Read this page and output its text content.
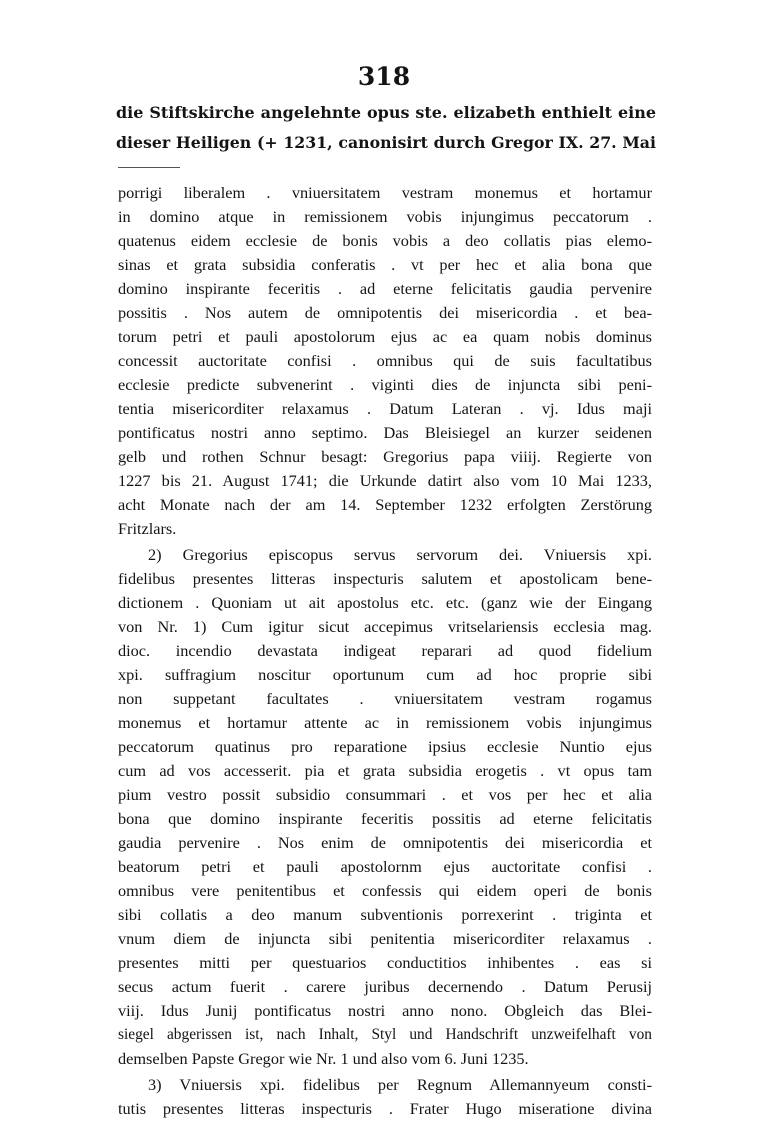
318
die Stiftskirche angelehnte opus ste. elizabeth enthielt eine
dieser Heiligen (+ 1231, canonisirt durch Gregor IX. 27. Mai
porrigi liberalem . vniuersitatem vestram monemus et hortamur
in domino atque in remissionem vobis injungimus peccatorum .
quatenus eidem ecclesie de bonis vobis a deo collatis pias elemo-
sinas et grata subsidia conferatis . vt per hec et alia bona que
domino inspirante feceritis . ad eterne felicitatis gaudia pervenire
possitis . Nos autem de omnipotentis dei misericordia . et bea-
torum petri et pauli apostolorum ejus ac ea quam nobis dominus
concessit auctoritate confisi . omnibus qui de suis facultatibus
ecclesie predicte subvenerint . viginti dies de injuncta sibi peni-
tentia misericorditer relaxamus . Datum Lateran . vj. Idus maji
pontificatus nostri anno septimo. Das Bleisiegel an kurzer seidenen
gelb und rothen Schnur besagt: Gregorius papa viiij. Regierte von
1227 bis 21. August 1741; die Urkunde datirt also vom 10 Mai 1233,
acht Monate nach der am 14. September 1232 erfolgten Zerstörung
Fritzlars.
2) Gregorius episcopus servus servorum dei. Vniuersis xpi.
fidelibus presentes litteras inspecturis salutem et apostolicam bene-
dictionem . Quoniam ut ait apostolus etc. etc. (ganz wie der Eingang
von Nr. 1) Cum igitur sicut accepimus vritselariensis ecclesia mag.
dioc. incendio devastata indigeat reparari ad quod fidelium
xpi. suffragium noscitur oportunum cum ad hoc proprie sibi
non suppetant facultates . vniuersitatem vestram rogamus
monemus et hortamur attente ac in remissionem vobis injungimus
peccatorum quatinus pro reparatione ipsius ecclesie Nuntio ejus
cum ad vos accesserit. pia et grata subsidia erogetis . vt opus tam
pium vestro possit subsidio consummari . et vos per hec et alia
bona que domino inspirante feceritis possitis ad eterne felicitatis
gaudia pervenire . Nos enim de omnipotentis dei misericordia et
beatorum petri et pauli apostolornm ejus auctoritate confisi .
omnibus vere penitentibus et confessis qui eidem operi de bonis
sibi collatis a deo manum subventionis porrexerint . triginta et
vnum diem de injuncta sibi penitentia misericorditer relaxamus .
presentes mitti per questuarios conductitios inhibentes . eas si
secus actum fuerit . carere juribus decernendo . Datum Perusij
viij. Idus Junij pontificatus nostri anno nono. Obgleich das Blei-
siegel abgerissen ist, nach Inhalt, Styl und Handschrift unzweifelhaft von
demselben Papste Gregor wie Nr. 1 und also vom 6. Juni 1235.
3) Vniuersis xpi. fidelibus per Regnum Allemannyeum consti-
tutis presentes litteras inspecturis . Frater Hugo miseratione divina
